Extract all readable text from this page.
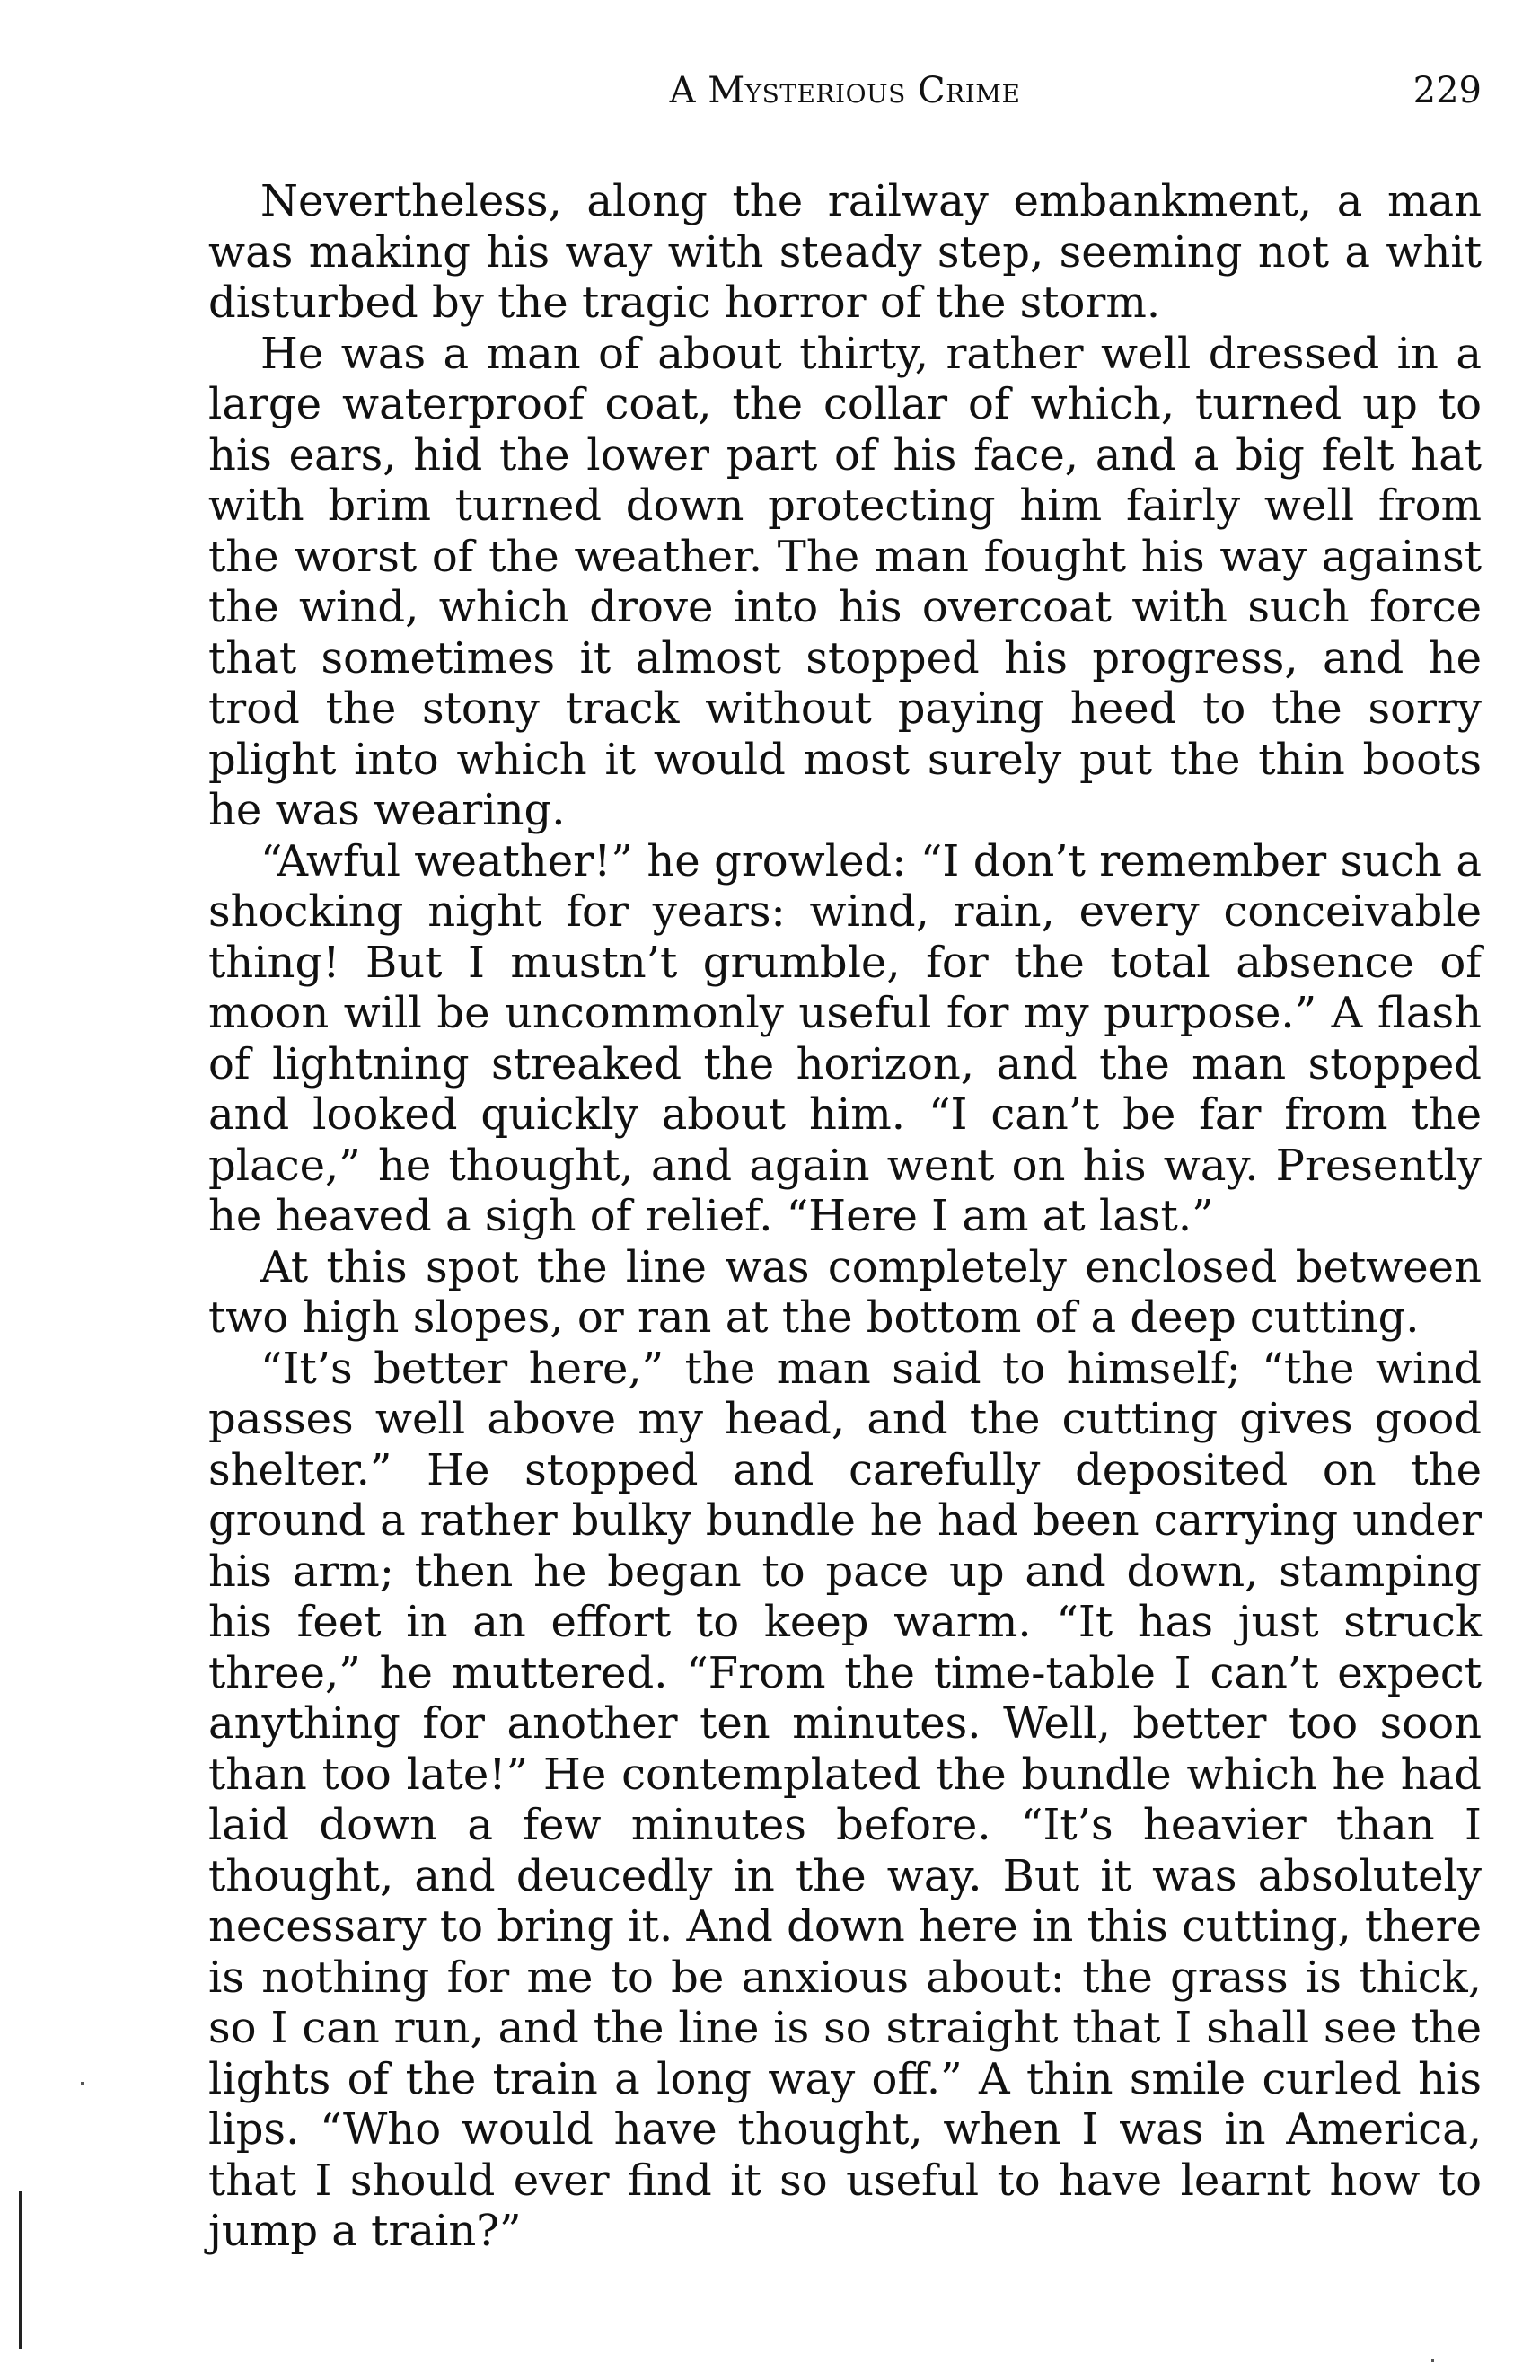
A Mysterious Crime	229

Nevertheless, along the railway embankment, a man was making his way with steady step, seeming not a whit disturbed by the tragic horror of the storm.

He was a man of about thirty, rather well dressed in a large waterproof coat, the collar of which, turned up to his ears, hid the lower part of his face, and a big felt hat with brim turned down protecting him fairly well from the worst of the weather. The man fought his way against the wind, which drove into his overcoat with such force that sometimes it almost stopped his progress, and he trod the stony track without paying heed to the sorry plight into which it would most surely put the thin boots he was wearing.

“Awful weather!” he growled: “I don’t remember such a shocking night for years: wind, rain, every conceivable thing! But I mustn’t grumble, for the total absence of moon will be uncommonly useful for my purpose.” A flash of lightning streaked the horizon, and the man stopped and looked quickly about him. “I can’t be far from the place,” he thought, and again went on his way. Presently he heaved a sigh of relief. “Here I am at last.”

At this spot the line was completely enclosed between two high slopes, or ran at the bottom of a deep cutting.

“It’s better here,” the man said to himself; “the wind passes well above my head, and the cutting gives good shelter.” He stopped and carefully deposited on the ground a rather bulky bundle he had been carrying under his arm; then he began to pace up and down, stamping his feet in an effort to keep warm. “It has just struck three,” he muttered. “From the time-table I can’t expect anything for another ten minutes. Well, better too soon than too late!” He contemplated the bundle which he had laid down a few minutes before. “It’s heavier than I thought, and deucedly in the way. But it was absolutely necessary to bring it. And down here in this cutting, there is nothing for me to be anxious about: the grass is thick, so I can run, and the line is so straight that I shall see the lights of the train a long way off.” A thin smile curled his lips. “Who would have thought, when I was in America, that I should ever find it so useful to have learnt how to jump a train?”
